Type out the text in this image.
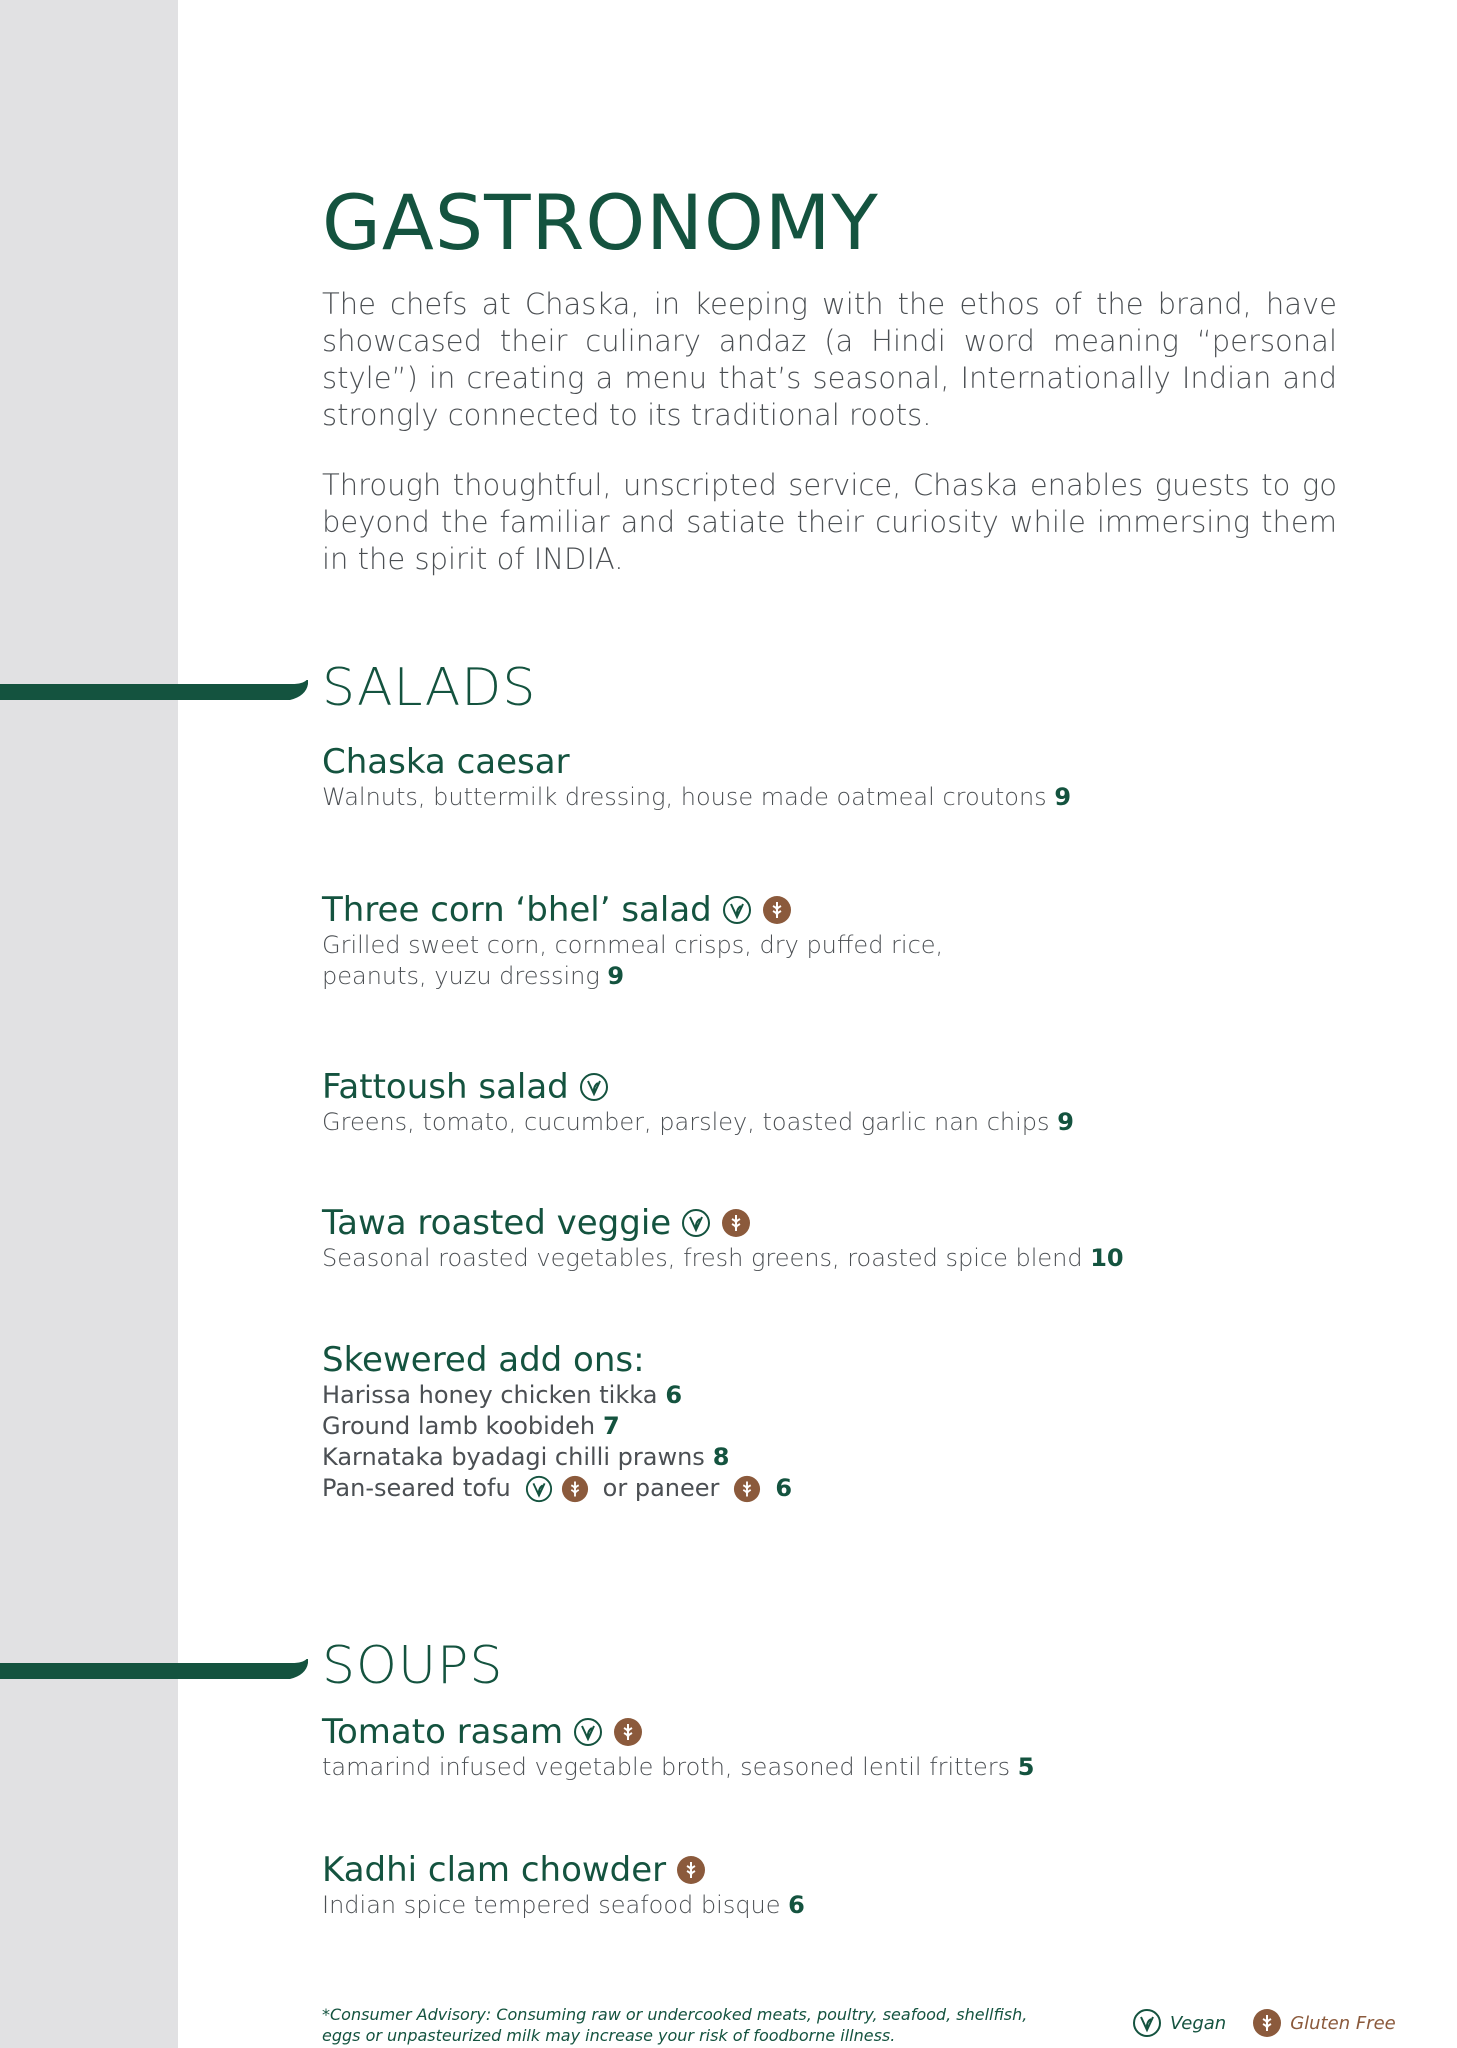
GASTRONOMY

The chefs at Chaska, in keeping with the ethos of the brand, have showcased their culinary andaz (a Hindi word meaning “personal style”) in creating a menu that’s seasonal, Internationally Indian and strongly connected to its traditional roots.

Through thoughtful, unscripted service, Chaska enables guests to go beyond the familiar and satiate their curiosity while immersing them in the spirit of INDIA.

SALADS
Chaska caesar
Walnuts, buttermilk dressing, house made oatmeal croutons 9
Three corn ‘bhel’ salad
Grilled sweet corn, cornmeal crisps, dry puffed rice,
peanuts, yuzu dressing 9
Fattoush salad
Greens, tomato, cucumber, parsley, toasted garlic nan chips 9
Tawa roasted veggie
Seasonal roasted vegetables, fresh greens, roasted spice blend 10
Skewered add ons:
Harissa honey chicken tikka 6
Ground lamb koobideh 7
Karnataka byadagi chilli prawns 8
Pan-seared tofu	or paneer 6
SOUPS
Tomato rasam
tamarind infused vegetable broth, seasoned lentil fritters 5
Kadhi clam chowder
Indian spice tempered seafood bisque 6
*Consumer Advisory: Consuming raw or undercooked meats, poultry, seafood, shellfish,
eggs or unpasteurized milk may increase your risk of foodborne illness.
Vegan	Gluten Free
